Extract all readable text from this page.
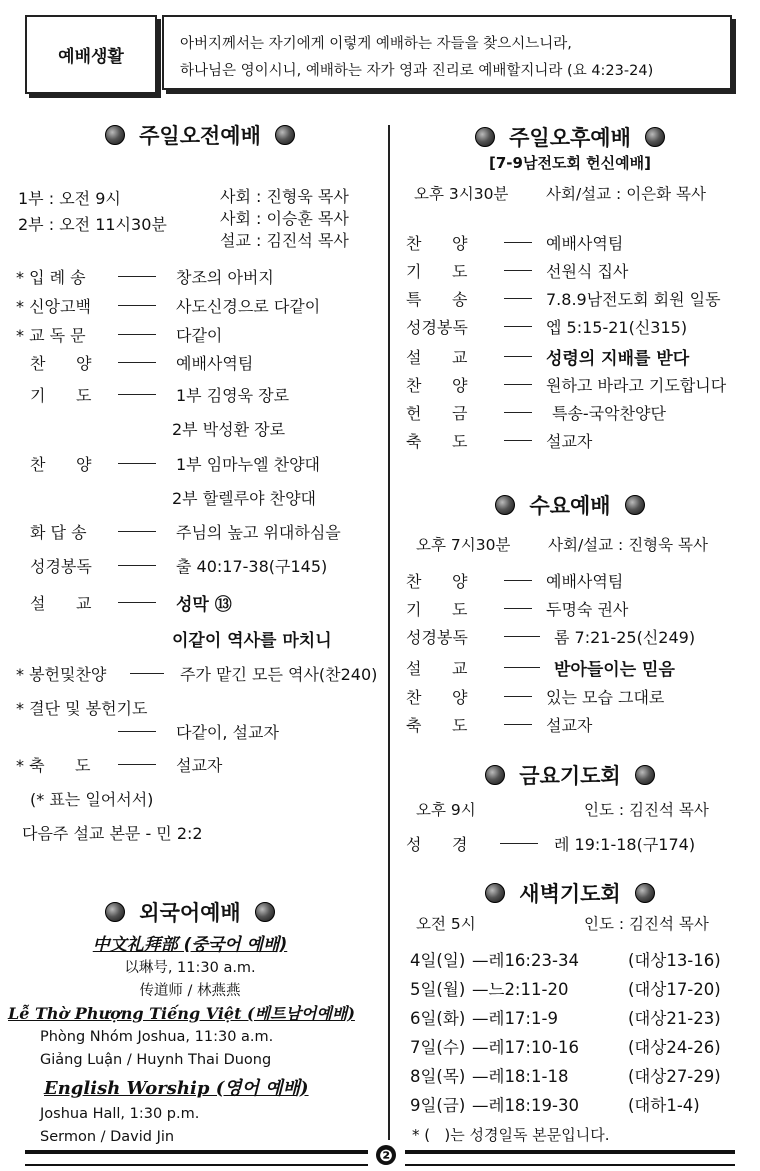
예배생활
아버지께서는 자기에게 이렇게 예배하는 자들을 찾으시느니라,
하나님은 영이시니, 예배하는 자가 영과 진리로 예배할지니라 (요 4:23-24)
주일오전예배
1부 : 오전 9시
2부 : 오전 11시30분
사회 : 진형욱 목사
사회 : 이승훈 목사
설교 : 김진석 목사
* 입 례 송	창조의 아버지
* 신앙고백	사도신경으로 다같이
* 교 독 문	다같이
찬      양	예배사역팀
기      도	1부 김영욱 장로
2부 박성환 장로
찬      양	1부 임마누엘 찬양대
2부 할렐루야 찬양대
화 답 송	주님의 높고 위대하심을
성경봉독	출 40:17-38(구145)
설      교	성막 ⑬
이같이 역사를 마치니
* 봉헌및찬양	주가 맡긴 모든 역사(찬240)
* 결단 및 봉헌기도
다같이, 설교자
* 축      도	설교자
(* 표는 일어서서)
다음주 설교 본문 - 민 2:2
외국어예배
中文礼拜部 (중국어 예배)
以琳号, 11:30 a.m.
传道师 / 林燕燕
Lễ Thờ Phượng Tiếng Việt (베트남어예배)
Phòng Nhóm Joshua, 11:30 a.m.
Giảng Luận / Huynh Thai Duong
English Worship (영어 예배)
Joshua Hall, 1:30 p.m.
Sermon / David Jin
주일오후예배
[7-9남전도회 헌신예배]
오후 3시30분 사회/설교 : 이은화 목사
찬      양	예배사역팀
기      도	선원식 집사
특      송	7.8.9남전도회 회원 일동
성경봉독	엡 5:15-21(신315)
설      교	성령의 지배를 받다
찬      양	원하고 바라고 기도합니다
헌      금	특송-국악찬양단
축      도	설교자
수요예배
오후 7시30분 사회/설교 : 진형욱 목사
찬      양	예배사역팀
기      도	두명숙 권사
성경봉독	롬 7:21-25(신249)
설      교	받아들이는 믿음
찬      양	있는 모습 그대로
축      도	설교자
금요기도회
오후 9시	인도 : 김진석 목사
성      경	레 19:1-18(구174)
새벽기도회
오전 5시	인도 : 김진석 목사
4일(일) —레16:23-34	(대상13-16)
5일(월) —느2:11-20	(대상17-20)
6일(화) —레17:1-9	(대상21-23)
7일(수) —레17:10-16	(대상24-26)
8일(목) —레18:1-18	(대상27-29)
9일(금) —레18:19-30	(대하1-4)
* (   )는 성경일독 본문입니다.
❷
